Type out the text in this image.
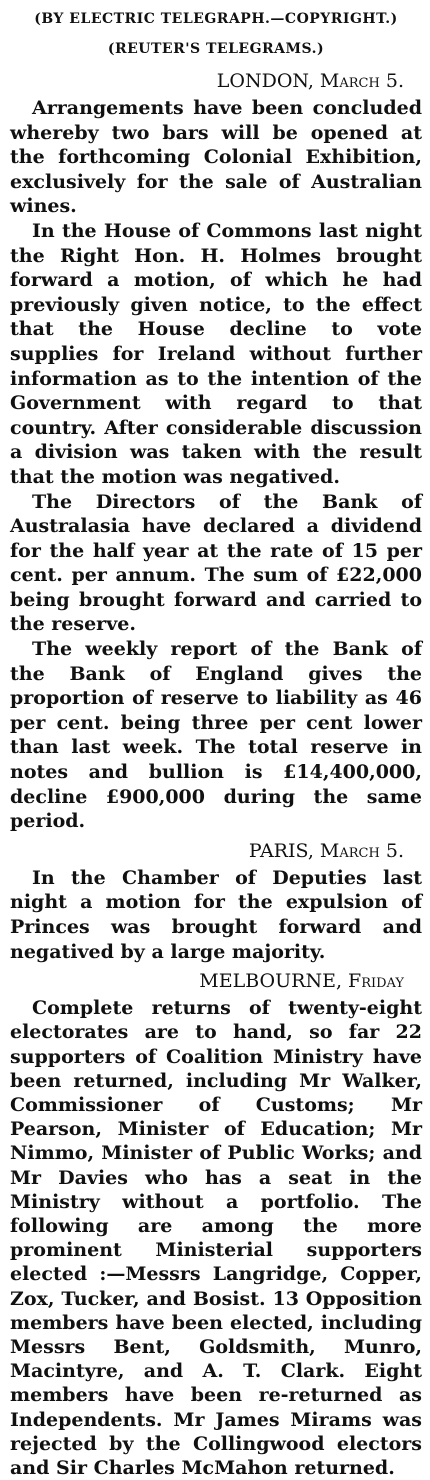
(BY ELECTRIC TELEGRAPH.—COPYRIGHT.)

(REUTER'S TELEGRAMS.)

LONDON, March 5.

Arrangements have been concluded whereby two bars will be opened at the forthcoming Colonial Exhibition, exclusively for the sale of Australian wines.

In the House of Commons last night the Right Hon. H. Holmes brought forward a motion, of which he had previously given notice, to the effect that the House decline to vote supplies for Ireland without further information as to the intention of the Government with regard to that country. After considerable discussion a division was taken with the result that the motion was negatived.

The Directors of the Bank of Australasia have declared a dividend for the half year at the rate of 15 per cent. per annum. The sum of £22,000 being brought forward and carried to the reserve.

The weekly report of the Bank of the Bank of England gives the proportion of reserve to liability as 46 per cent. being three per cent lower than last week. The total reserve in notes and bullion is £14,400,000, decline £900,000 during the same period.

PARIS, March 5.

In the Chamber of Deputies last night a motion for the expulsion of Princes was brought forward and negatived by a large majority.

MELBOURNE, Friday

Complete returns of twenty-eight electorates are to hand, so far 22 supporters of Coalition Ministry have been returned, including Mr Walker, Commissioner of Customs; Mr Pearson, Minister of Education; Mr Nimmo, Minister of Public Works; and Mr Davies who has a seat in the Ministry without a portfolio. The following are among the more prominent Ministerial supporters elected :—Messrs Langridge, Copper, Zox, Tucker, and Bosist. 13 Opposition members have been elected, including Messrs Bent, Goldsmith, Munro, Macintyre, and A. T. Clark. Eight members have been re-returned as Independents. Mr James Mirams was rejected by the Collingwood electors and Sir Charles McMahon returned.
